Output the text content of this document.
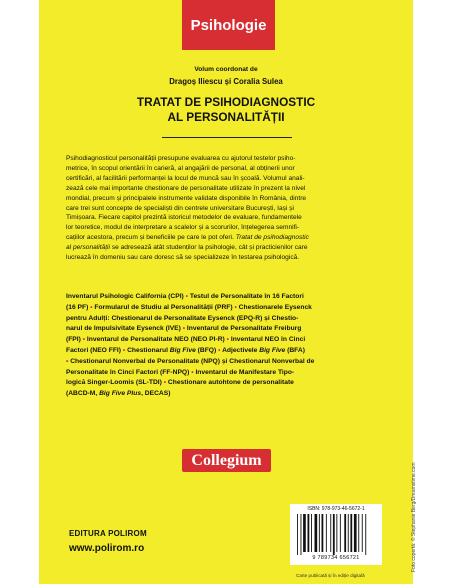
Psihologie
Volum coordonat de
Dragoș Iliescu și Coralia Sulea
TRATAT DE PSIHODIAGNOSTIC
AL PERSONALITĂȚII
Psihodiagnosticul personalității presupune evaluarea cu ajutorul testelor psiho-
metrice, în scopul orientării în carieră, al angajării de personal, al obținerii unor
certificări, al facilitării performanței la locul de muncă sau în școală. Volumul anali-
zează cele mai importante chestionare de personalitate utilizate în prezent la nivel
mondial, precum și principalele instrumente validate disponibile în România, dintre
care trei sunt concepte de specialiști din centrele universitare București, Iași și
Timișoara. Fiecare capitol prezintă istoricul metodelor de evaluare, fundamentele
lor teoretice, modul de interpretare a scalelor și a scorurilor, înțelegerea semnifi-
cațiilor acestora, precum și beneficiile pe care le pot oferi. Tratat de psihodiagnostic
al personalității se adresează atât studenților la psihologie, cât și practicienilor care
lucrează în domeniu sau care doresc să se specializeze în testarea psihologică.
Inventarul Psihologic California (CPI) • Testul de Personalitate în 16 Factori
(16 PF) • Formularul de Studiu al Personalității (PRF) • Chestionarele Eysenck
pentru Adulți: Chestionarul de Personalitate Eysenck (EPQ-R) și Chestio-
narul de Impulsivitate Eysenck (IVE) • Inventarul de Personalitate Freiburg
(FPI) • Inventarul de Personalitate NEO (NEO PI-R) • Inventarul NEO în Cinci
Factori (NEO FFI) • Chestionarul Big Five (BFQ) • Adjectivele Big Five (BFA)
• Chestionarul Nonverbal de Personalitate (NPQ) și Chestionarul Nonverbal de
Personalitate în Cinci Factori (FF-NPQ) • Inventarul de Manifestare Tipo-
logică Singer-Loomis (SL-TDI) • Chestionare autohtone de personalitate
(ABCD-M, Big Five Plus, DECAS)
Collegium
EDITURA POLIROM
www.polirom.ro
ISBN: 978-973-46-5672-1
9 789734 656721
Carte publicată și în ediție digitală
Foto copertă: © Stephanie Berg/Dreamstime.com
